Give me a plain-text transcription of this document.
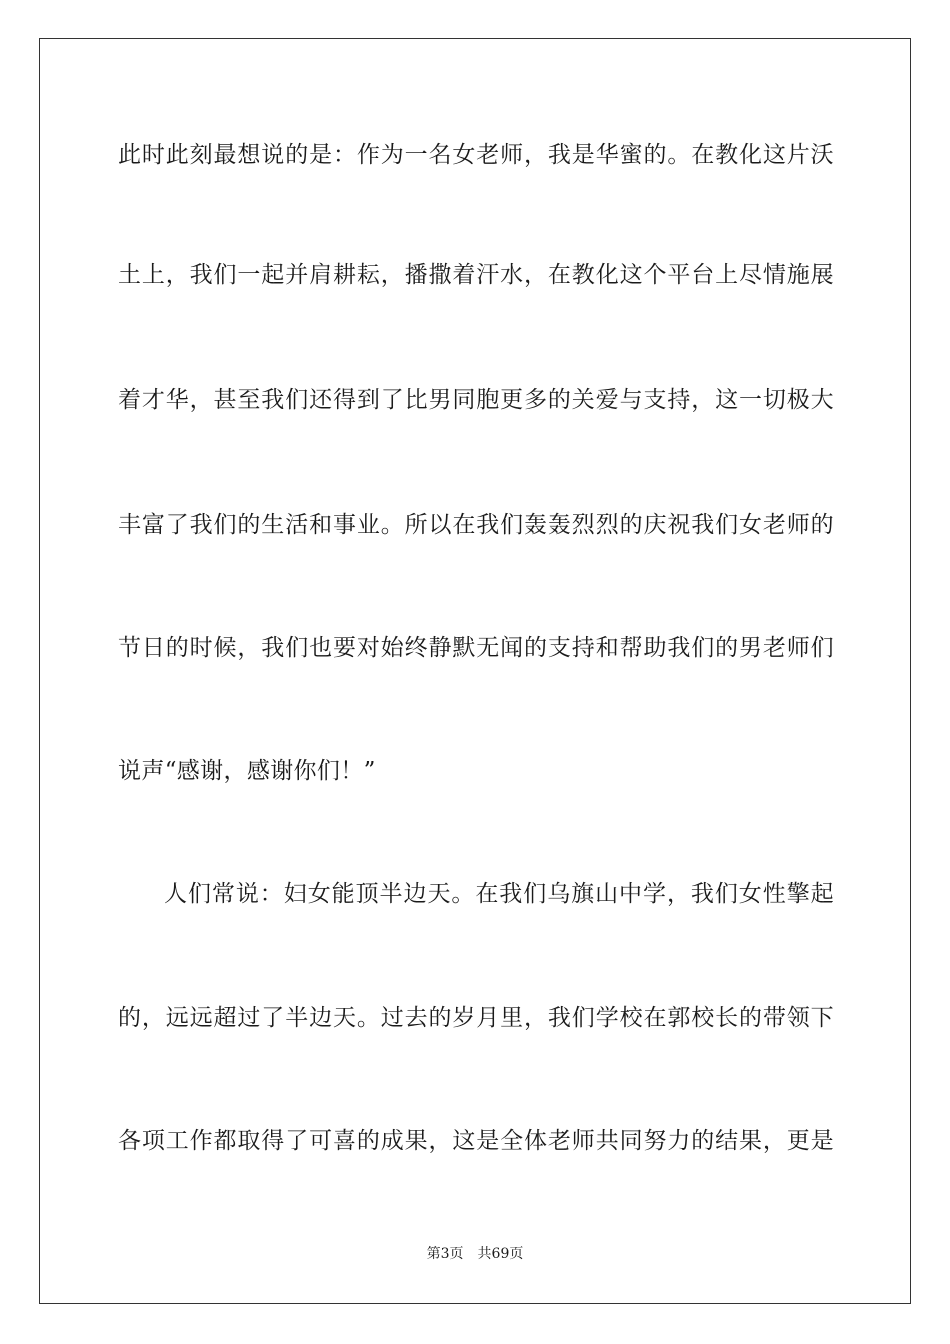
此时此刻最想说的是：作为一名女老师，我是华蜜的。在教化这片沃
土上，我们一起并肩耕耘，播撒着汗水，在教化这个平台上尽情施展
着才华，甚至我们还得到了比男同胞更多的关爱与支持，这一切极大
丰富了我们的生活和事业。所以在我们轰轰烈烈的庆祝我们女老师的
节日的时候，我们也要对始终静默无闻的支持和帮助我们的男老师们
说声“感谢，感谢你们！”
人们常说：妇女能顶半边天。在我们乌旗山中学，我们女性擎起
的，远远超过了半边天。过去的岁月里，我们学校在郭校长的带领下
各项工作都取得了可喜的成果，这是全体老师共同努力的结果，更是
第3页 共69页
